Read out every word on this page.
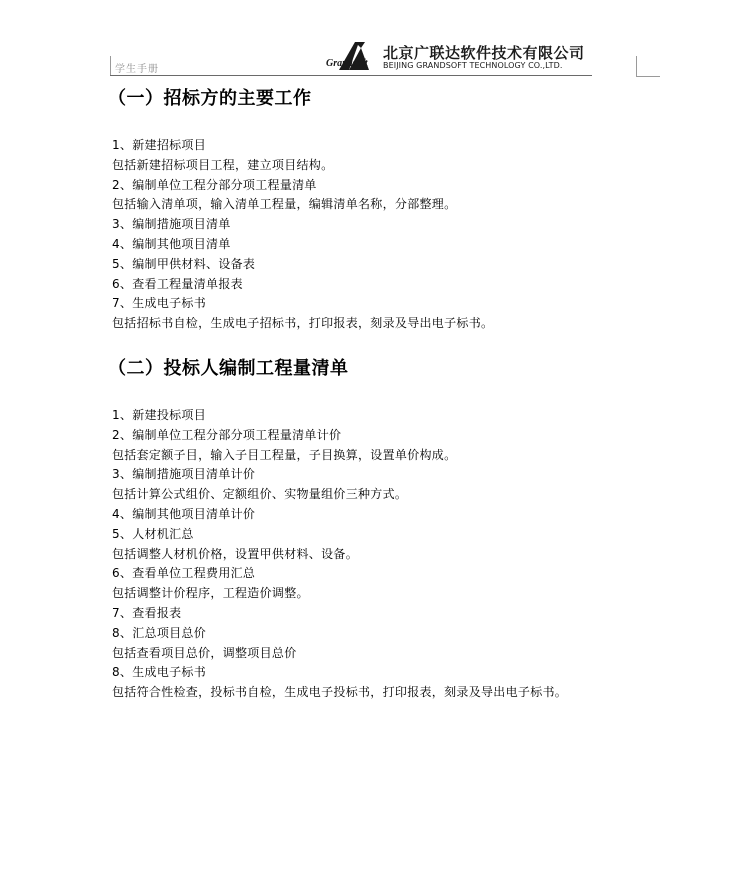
学生手册
Grandsoft
北京广联达软件技术有限公司
BEIJING GRANDSOFT TECHNOLOGY CO.,LTD.
（一）招标方的主要工作
1、新建招标项目
包括新建招标项目工程，建立项目结构。
2、编制单位工程分部分项工程量清单
包括输入清单项，输入清单工程量，编辑清单名称，分部整理。
3、编制措施项目清单
4、编制其他项目清单
5、编制甲供材料、设备表
6、查看工程量清单报表
7、生成电子标书
包括招标书自检，生成电子招标书，打印报表，刻录及导出电子标书。
（二）投标人编制工程量清单
1、新建投标项目
2、编制单位工程分部分项工程量清单计价
包括套定额子目，输入子目工程量，子目换算，设置单价构成。
3、编制措施项目清单计价
包括计算公式组价、定额组价、实物量组价三种方式。
4、编制其他项目清单计价
5、人材机汇总
包括调整人材机价格，设置甲供材料、设备。
6、查看单位工程费用汇总
包括调整计价程序，工程造价调整。
7、查看报表
8、汇总项目总价
包括查看项目总价，调整项目总价
8、生成电子标书
包括符合性检查，投标书自检，生成电子投标书，打印报表，刻录及导出电子标书。
